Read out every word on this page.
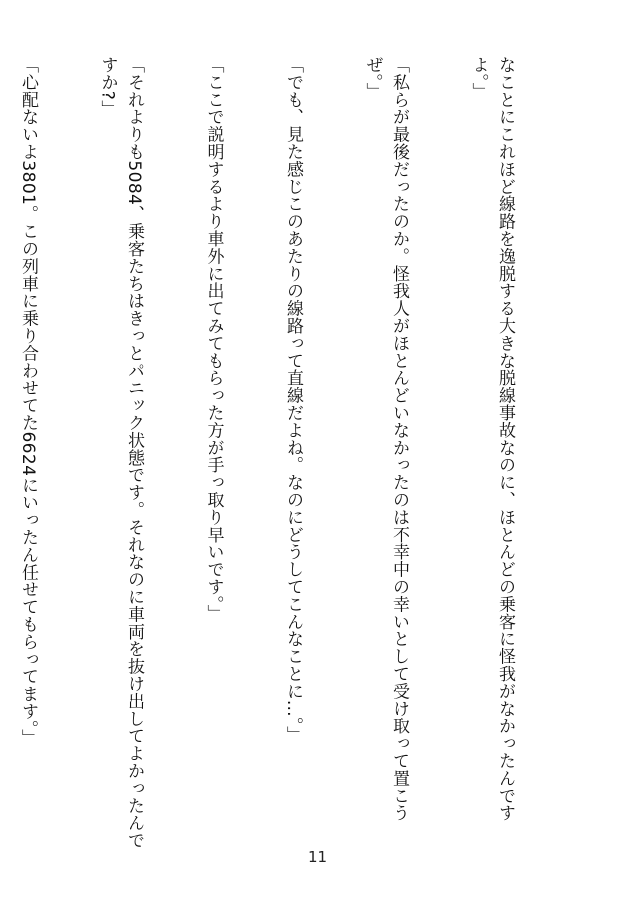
なことにこれほど線路を逸脱する大きな脱線事故なのに、ほとんどの乗客に怪我がなかったんですよ。」

「私らが最後だったのか。怪我人がほとんどいなかったのは不幸中の幸いとして受け取って置こうぜ。」

「でも、見た感じこのあたりの線路って直線だよね。なのにどうしてこんなことに…。」

「ここで説明するより車外に出てみてもらった方が手っ取り早いです。」

「それよりも5084、乗客たちはきっとパニック状態です。それなのに車両を抜け出してよかったんですか?」

「心配ないよ3801。この列車に乗り合わせてた6624にいったん任せてもらってます。」

11
